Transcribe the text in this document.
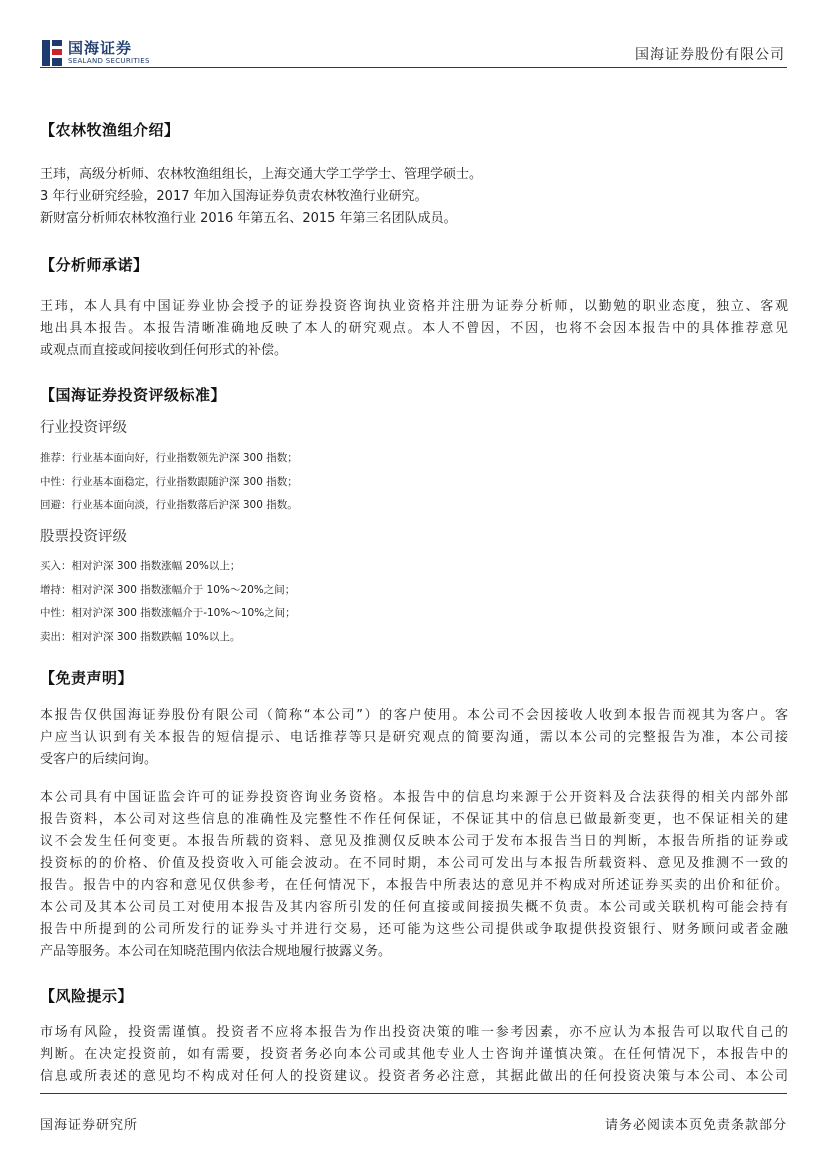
国海证券
SEALAND SECURITIES	国海证券股份有限公司
【农林牧渔组介绍】
王玮，高级分析师、农林牧渔组组长，上海交通大学工学学士、管理学硕士。
3 年行业研究经验，2017 年加入国海证券负责农林牧渔行业研究。
新财富分析师农林牧渔行业 2016 年第五名、2015 年第三名团队成员。
【分析师承诺】
王玮，本人具有中国证券业协会授予的证券投资咨询执业资格并注册为证券分析师，以勤勉的职业态度，独立、客观
地出具本报告。本报告清晰准确地反映了本人的研究观点。本人不曾因，不因，也将不会因本报告中的具体推荐意见
或观点而直接或间接收到任何形式的补偿。
【国海证券投资评级标准】
行业投资评级
推荐：行业基本面向好，行业指数领先沪深 300 指数；
中性：行业基本面稳定，行业指数跟随沪深 300 指数；
回避：行业基本面向淡，行业指数落后沪深 300 指数。
股票投资评级
买入：相对沪深 300 指数涨幅 20%以上；
增持：相对沪深 300 指数涨幅介于 10%～20%之间；
中性：相对沪深 300 指数涨幅介于-10%～10%之间；
卖出：相对沪深 300 指数跌幅 10%以上。
【免责声明】
本报告仅供国海证券股份有限公司（简称“本公司”）的客户使用。本公司不会因接收人收到本报告而视其为客户。客
户应当认识到有关本报告的短信提示、电话推荐等只是研究观点的简要沟通，需以本公司的完整报告为准，本公司接
受客户的后续问询。
本公司具有中国证监会许可的证券投资咨询业务资格。本报告中的信息均来源于公开资料及合法获得的相关内部外部
报告资料，本公司对这些信息的准确性及完整性不作任何保证，不保证其中的信息已做最新变更，也不保证相关的建
议不会发生任何变更。本报告所载的资料、意见及推测仅反映本公司于发布本报告当日的判断，本报告所指的证券或
投资标的的价格、价值及投资收入可能会波动。在不同时期，本公司可发出与本报告所载资料、意见及推测不一致的
报告。报告中的内容和意见仅供参考，在任何情况下，本报告中所表达的意见并不构成对所述证券买卖的出价和征价。
本公司及其本公司员工对使用本报告及其内容所引发的任何直接或间接损失概不负责。本公司或关联机构可能会持有
报告中所提到的公司所发行的证券头寸并进行交易，还可能为这些公司提供或争取提供投资银行、财务顾问或者金融
产品等服务。本公司在知晓范围内依法合规地履行披露义务。
【风险提示】
市场有风险，投资需谨慎。投资者不应将本报告为作出投资决策的唯一参考因素，亦不应认为本报告可以取代自己的
判断。在决定投资前，如有需要，投资者务必向本公司或其他专业人士咨询并谨慎决策。在任何情况下，本报告中的
信息或所表述的意见均不构成对任何人的投资建议。投资者务必注意，其据此做出的任何投资决策与本公司、本公司
国海证券研究所	请务必阅读本页免责条款部分
